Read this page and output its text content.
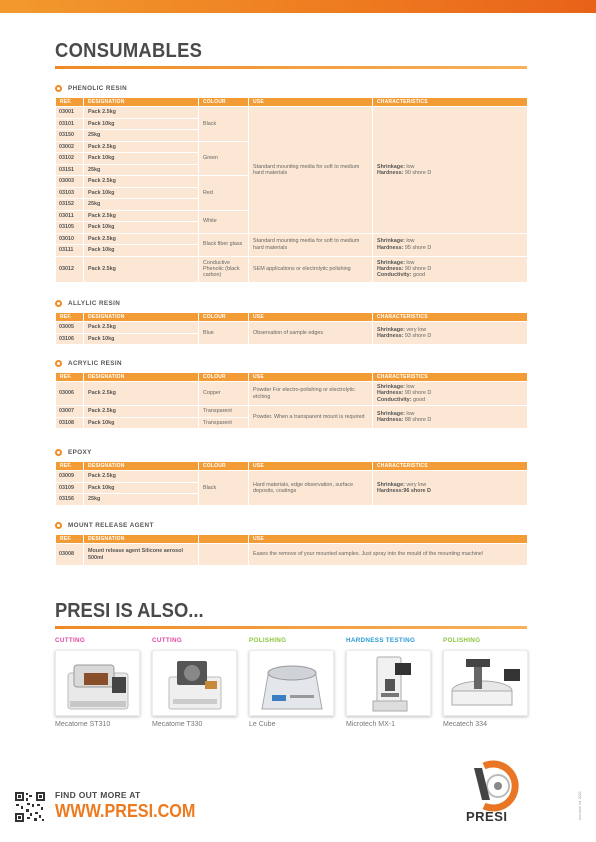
CONSUMABLES
PHENOLIC RESIN
REF.	DESIGNATION	COLOUR	USE	CHARACTERISTICS
03001	Pack 2.5kg	Black	Standard mounting media for soft to medium hard materials	Shrinkage: low
Hardness: 90 shore D
03101	Pack 10kg			
03150	25kg			
03002	Pack 2.5kg	Green		
03102	Pack 10kg			
03151	25kg			
03003	Pack 2.5kg	Red		
03103	Pack 10kg			
03152	25kg			
03011	Pack 2.5kg	White		
03105	Pack 10kg			
03010	Pack 2.5kg	Black fiber glass	Standard mounting media for soft to medium hard materials	Shrinkage: low
Hardness: 95 shore D
03111	Pack 10kg			
03012	Pack 2.5kg	Conductive Phenolic (black carbon)	SEM applications or electrolytic polishing	Shrinkage: low
Hardness: 90 shore D
Conductivity: good
ALLYLIC RESIN
REF.	DESIGNATION	COLOUR	USE	CHARACTERISTICS
03005	Pack 2.5kg	Blue	Observation of sample edges	Shrinkage: very low
Hardness: 93 shore D
03106	Pack 10kg			
ACRYLIC RESIN
REF.	DESIGNATION	COLOUR	USE	CHARACTERISTICS
03006	Pack 2.5kg	Copper	Powder For electro-polishing or electrolytic etching	Shrinkage: low
Hardness: 90 shore D
Conductivity: good
03007	Pack 2.5kg	Transparent	Powder. When a transparent mount is required	Shrinkage: low
Hardness: 88 shore D
03108	Pack 10kg	Transparent		
EPOXY
REF.	DESIGNATION	COLOUR	USE	CHARACTERISTICS
03009	Pack 2.5kg	Black	Hard materials, edge observation, surface deposits, coatings	Shrinkage: very low
Hardness:96 shore D
03109	Pack 10kg			
03156	25kg			
MOUNT RELEASE AGENT
REF.	DESIGNATION		USE
03008	Mount release agent Silicone aerosol 500ml		Eases the remove of your mounted samples. Just spray into the mould of the mounting machine!
PRESI IS ALSO...
CUTTING
Mecatome ST310
CUTTING
Mecatome T330
POLISHING
Le Cube
HARDNESS TESTING
Microtech MX-1
POLISHING
Mecatech 334
FIND OUT MORE AT
WWW.PRESI.COM	PRESI	brochure ref. 2022
